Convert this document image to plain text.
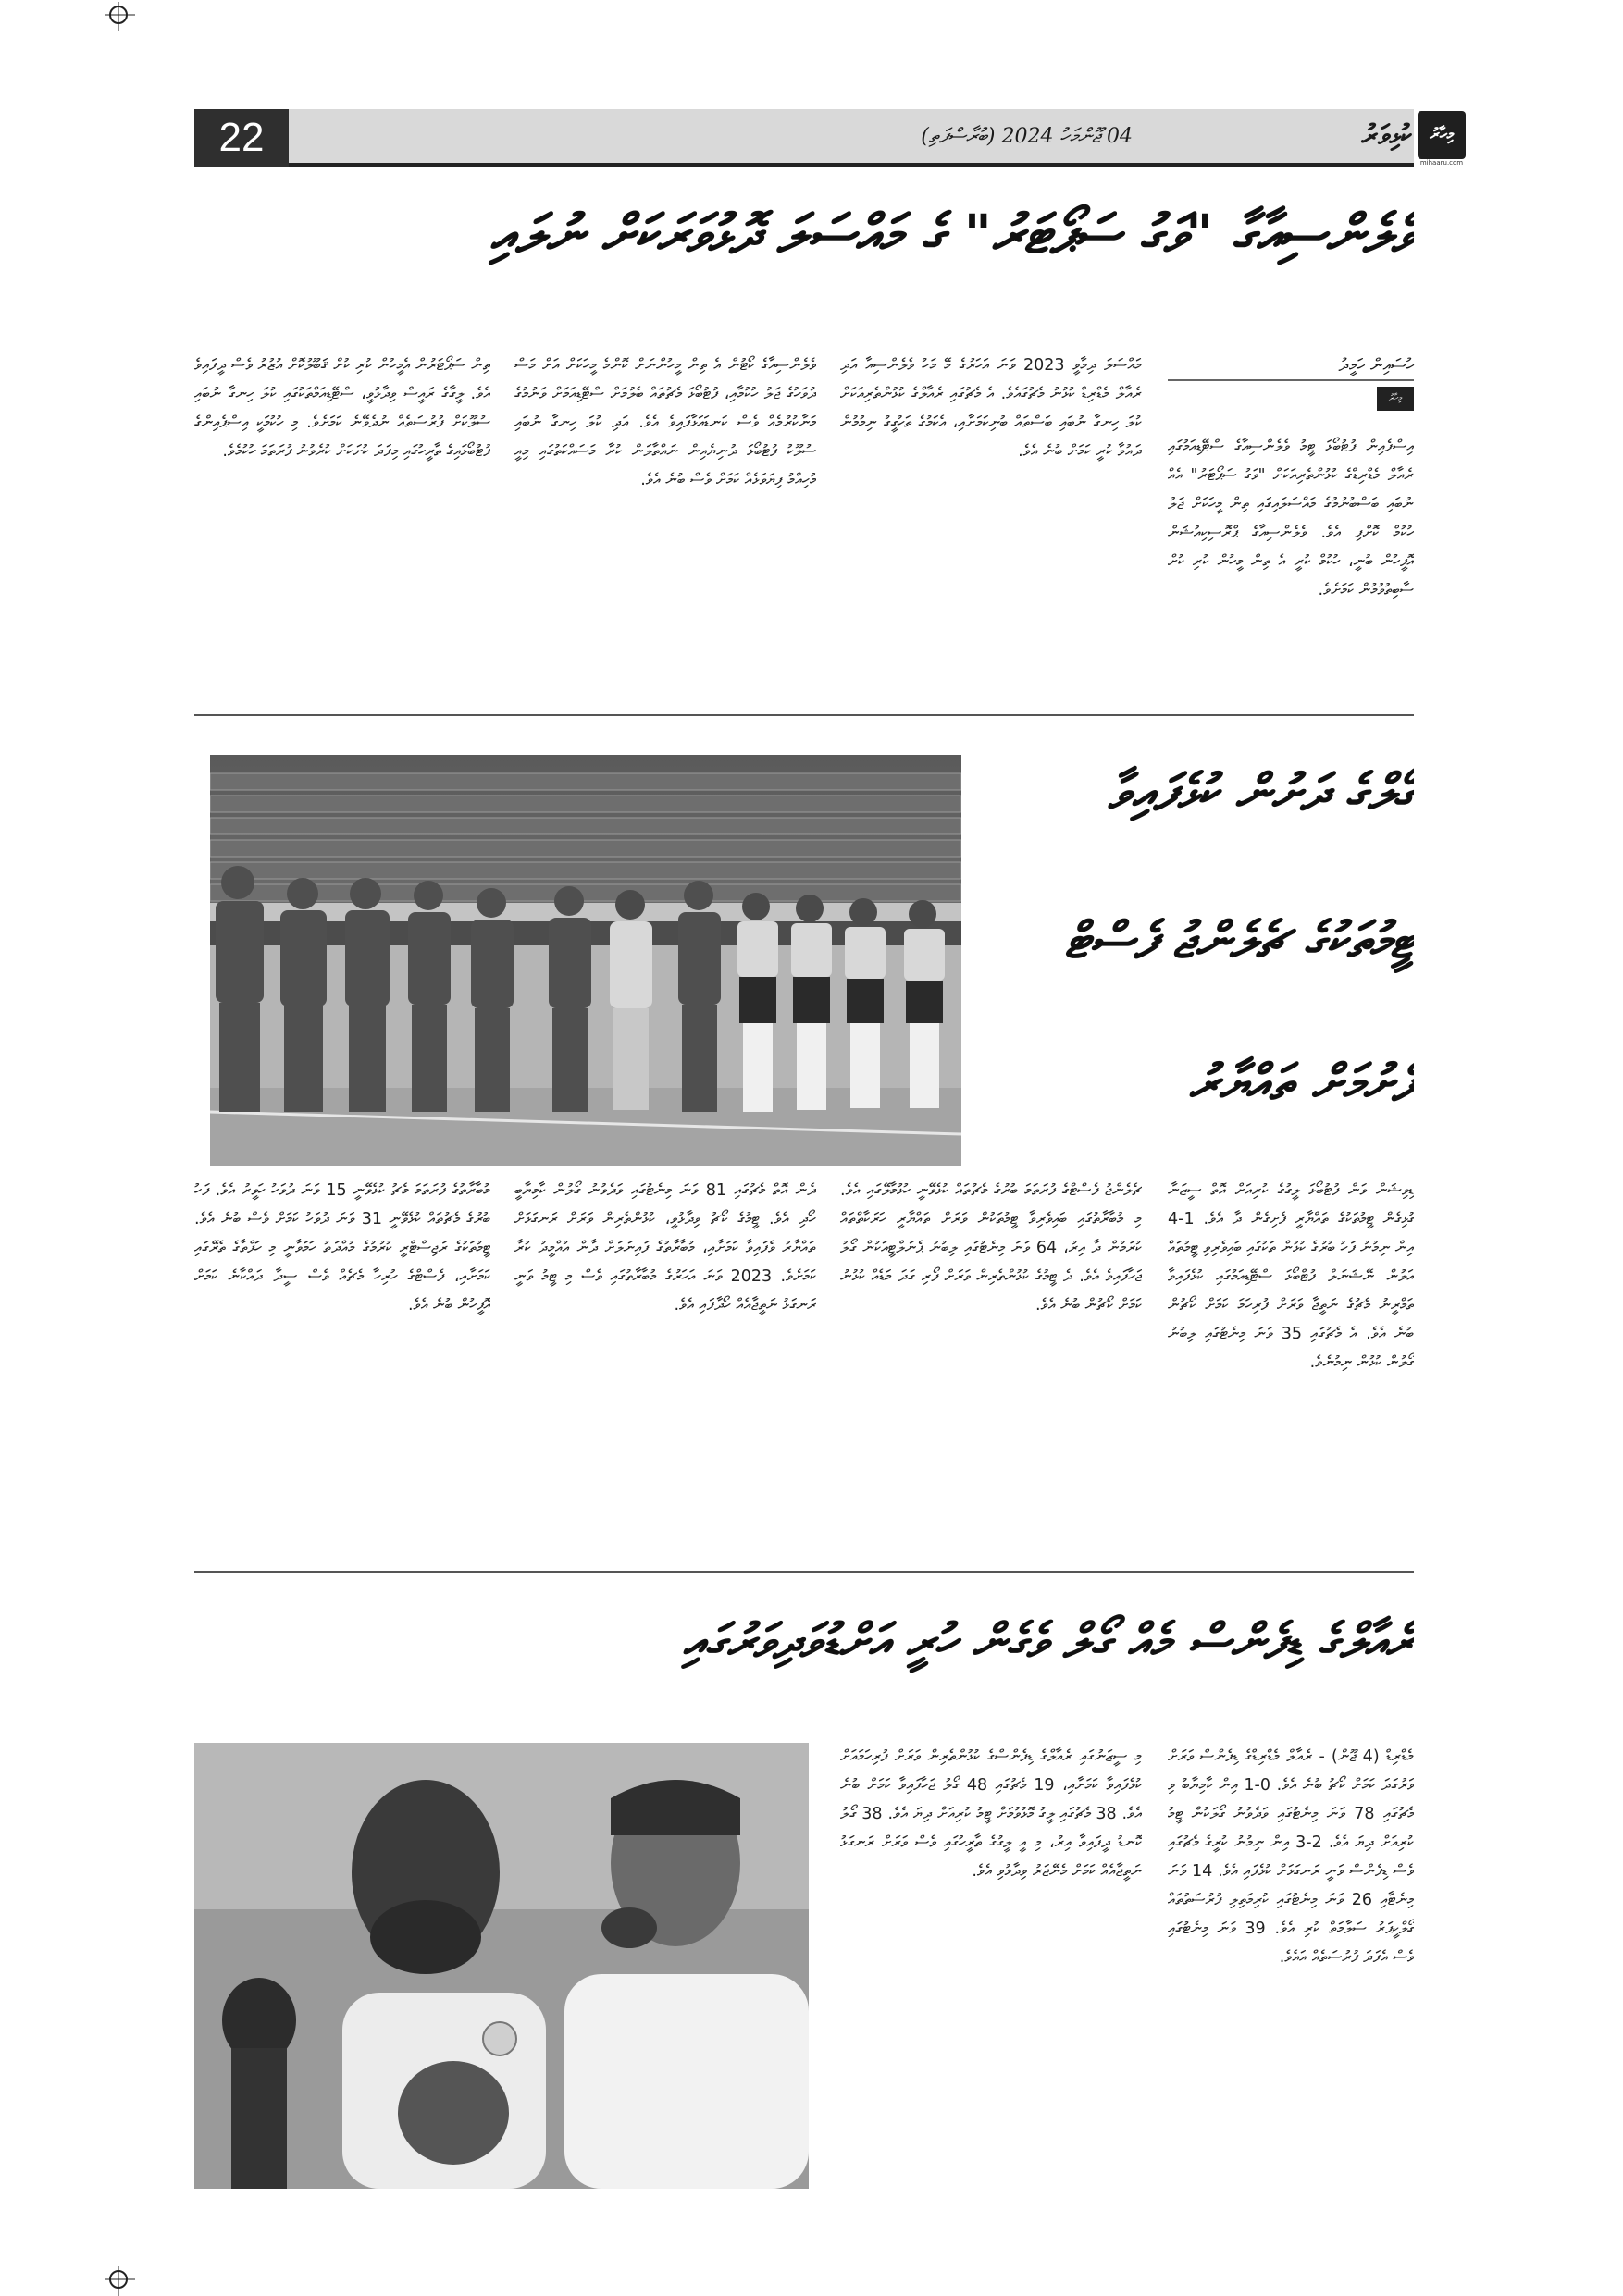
22	04 ޖޫންމަހު 2024 (ބުރާސްފަތި)	ކުޅިވަރު	މިހާރު
mihaaru.com
ވެލެންސިއާގާ "ވަގު ސަޕޯޓަރު" ގެ މައްސަލަ ދޮޅުވަރަކަށް ނުލައި
ހުސައިން ހަމީދު
މިހާރު
އިސްފެއިން ފުޓުބޯޅަ ޓީމު ވެލެންސިއާގެ ސްޓޭޑިއަމުގައި ރެއާލް މެޑްރިޑްގެ ކުޅުންތެރިއަކަށް "ވަގު ސަޕޯޓަރު" އެއް ނުބައި ބަސްބުނުމުގެ މައްސަލައިގައި ތިން މީހަކަށް ޖަލު ހުކުމް ކޮށްފި އެވެ. ވެލެންސިއާގެ ޕްރޮސިކިއުޝަން އޮފީހުން ބުނީ، ހުކުމް ކުރީ އެ ތިން މީހުން ކުރި ކުށް ސާބިތުވުމުން ކަމަށެވެ.
މައްސަލަ ދިމާވީ 2023 ވަނަ އަހަރުގެ މޭ މަހު ވެލެންސިއާ އަދި ރެއާލް މެޑްރިޑް ކުޅުނު މެޗުގައެވެ. އެ މެޗުގައި ރެއާލްގެ ކުޅުންތެރިއަކަށް ކުލަ ހިނގާ ނުބައި ބަސްތައް ބުނިކަމަށާއި، އެކަމުގެ ތަހުގީގު ނިމުމުން ދައުވާ ކުރީ ކަމަށް ބުނެ އެވެ.
ވެލެންސިއާގެ ކޯޓުން އެ ތިން މީހުންނަށް ކޮންމެ މީހަކަށް އަށް މަސް ދުވަހުގެ ޖަލު ހުކުމާއި، ފުޓުބޯޅަ މެޗުތައް ބެލުމަށް ސްޓޭޑިއަމަށް ވަނުމުގެ މަނާކުރުމެއް ވެސް ކަނޑައަޅާފައިވެ އެވެ. އަދި ކުލަ ހިނގާ ނުބައި ސުލޫކު ފުޓުބޯޅަ ދުނިޔެއިން ނައްތާލަން ކުރާ މަސައްކަތުގައި މިއީ މުހިއްމު ފިޔަވަޅެއް ކަމަށް ވެސް ބުނެ އެވެ.
ތިން ސަޕޯޓަރުން އެމީހުން ކުރި ކުށް ޤަބޫލުކޮށް އުޒުރު ވެސް ދީފައިވެ އެވެ. ލީގާގެ ރައީސް ވިދާޅުވީ، ސްޓޭޑިއަމްތަކުގައި ކުލަ ހިނގާ ނުބައި ސުލޫކަށް ފުރުސަތެއް ނުދެވޭނެ ކަމަށެވެ. މި ހުކުމަކީ އިސްޕެއިންގެ ފުޓުބޯޅައިގެ ތާރީހުގައި މިފަދަ ކުށަކަށް ކުރެވުނު ފުރަތަމަ ހުކުމެވެ.
ގޯލްގެ ދަށުން ކުޅެފައިވާ
ޓީމުތަކުގެ ޗެލެންޖު ފެސްޓް
ފެށުމަށް ތައްޔާރު
ޑިވިޝަން ވަން ފުޓުބޯޅަ ލީގުގެ ކުރިއަށް އޮތް ސީޒަނާ ގުޅިގެން ޓީމުތަކުގެ ތައްޔާރީ ފެށިގެން ދާ އެވެ. 1-4 އިން ނިމުނު ފަހު ބުރުގެ ކުޅުން ތަކުގައި ބައިވެރިވި ޓީމުތައް އަލުން ނޭޝަނަލް ފުޓްބޯޅަ ސްޓޭޑިއަމުގައި ކުޅެފައިވާ ތަމްރީނު މެޗުގެ ނަތީޖާ ވަރަށް ފުރިހަމަ ކަމަށް ކޯޗުން ބުނެ އެވެ. އެ މެޗުގައި 35 ވަނަ މިނެޓުގައި ލިބުނު ގޯލުން ކުޅުން ނިމުނެވެ.
ޗެލެންޖު ފެސްޓްގެ ފުރަތަމަ ބުރުގެ މެޗުތައް ކުޅެވޭނީ ހުޅުމާލޭގައި އެވެ. މި މުބާރާތުގައި ބައިވެރިވާ ޓީމުތަކުން ވަރަށް ތައްޔާރީ ހަރަކާތްތައް ކުރަމުން ދާ އިރު، 64 ވަނަ މިނެޓުގައި ލިބުނު ޕެނަލްޓީއަކުން ގޯލު ޖަހާފައިވެ އެވެ. ދެ ޓީމުގެ ކުޅުންތެރިން ވަރަށް ފޯރި ގަދަ މަޑެއް ކުޅުނު ކަމަށް ކޯޗުން ބުނެ އެވެ.
ދެން އޮތް މެޗުގައި 81 ވަނަ މިނެޓުގައި ވަދެވުނު ގޯލުން ކާމިޔާބީ ހޯދި އެވެ. ޓީމުގެ ކޯޗު ވިދާޅުވީ، ކުޅުންތެރިން ވަރަށް ރަނގަޅަށް ތައްޔާރު ވެފައިވާ ކަމަށާއި، މުބާރާތުގެ ފައިނަލަށް ދާން އުއްމީދު ކުރާ ކަމަށެވެ. 2023 ވަނަ އަހަރުގެ މުބާރާތުގައި ވެސް މި ޓީމު ވަނީ ރަނގަޅު ނަތީޖާއެއް ހޯދާފައި އެވެ.
މުބާރާތުގެ ފުރަތަމަ މެޗު ކުޅެވޭނީ 15 ވަނަ ދުވަހު ހަވީރު އެވެ. ފަހު ބުރުގެ މެޗުތައް ކުޅެވޭނީ 31 ވަނަ ދުވަހު ކަމަށް ވެސް ބުނެ އެވެ. ޓީމުތަކުގެ ރަޖިސްޓްރީ ކުރުމުގެ މުއްދަތު ހަމަވާނީ މި ހަފްތާގެ ތެރޭގައި ކަމަށާއި، ފެސްޓްގެ ހުރިހާ މެޗެއް ވެސް ސީދާ ދައްކާނެ ކަމަށް އޮފީހުން ބުނެ އެވެ.
ރެއާލްގެ ޑިފެންސް މެއް ގޯލް ވެގެން ހުރީ އަށްޑުވަދިވަރުގައި
މެޑްރިޑް (4 ޖޫން) - ރެއާލް މެޑްރިޑްގެ ޑިފެންސް ވަރަށް ވަރުގަދަ ކަމަށް ކޯޗު ބުނެ އެވެ. 0-1 އިން ކާމިޔާބު ވި މެޗުގައި 78 ވަނަ މިނެޓުގައި ވަދެވުނު ގޯލަކުން ޓީމު ކުރިއަށް ދިޔަ އެވެ. 2-3 އިން ނިމުނު ކުރީގެ މެޗުގައި ވެސް ޑިފެންސް ވަނީ ރަނގަޅަށް ކުޅެފައި އެވެ. 14 ވަނަ މިނެޓާއި 26 ވަނަ މިނެޓުގައި ކުރިމަތިލި ފުރުސަތުތައް ގޯލްކީޕަރު ސަލާމަތް ކުރި އެވެ. 39 ވަނަ މިނެޓުގައި ވެސް އެފަދަ ފުރުސަތެއް އައެވެ.
މި ސީޒަނުގައި ރެއާލްގެ ޑިފެންސްގެ ކުޅުންތެރިން ވަރަށް ފުރިހަމައަށް ކުޅެފައިވާ ކަމަށާއި، 19 މެޗުގައި 48 ގޯލު ޖަހާފައިވާ ކަމަށް ބުނެ އެވެ. 38 މެޗުގައި ލީގު މޮޅުވުމަށް ޓީމު ކުރިއަށް ދިޔަ އެވެ. 38 ގޯލު ކޮނޑު ދީފައިވާ އިރު، މި އީ ލީގުގެ ތާރީހުގައި ވެސް ވަރަށް ރަނގަޅު ނަތީޖާއެއް ކަމަށް މެނޭޖަރު ވިދާޅުވި އެވެ.
